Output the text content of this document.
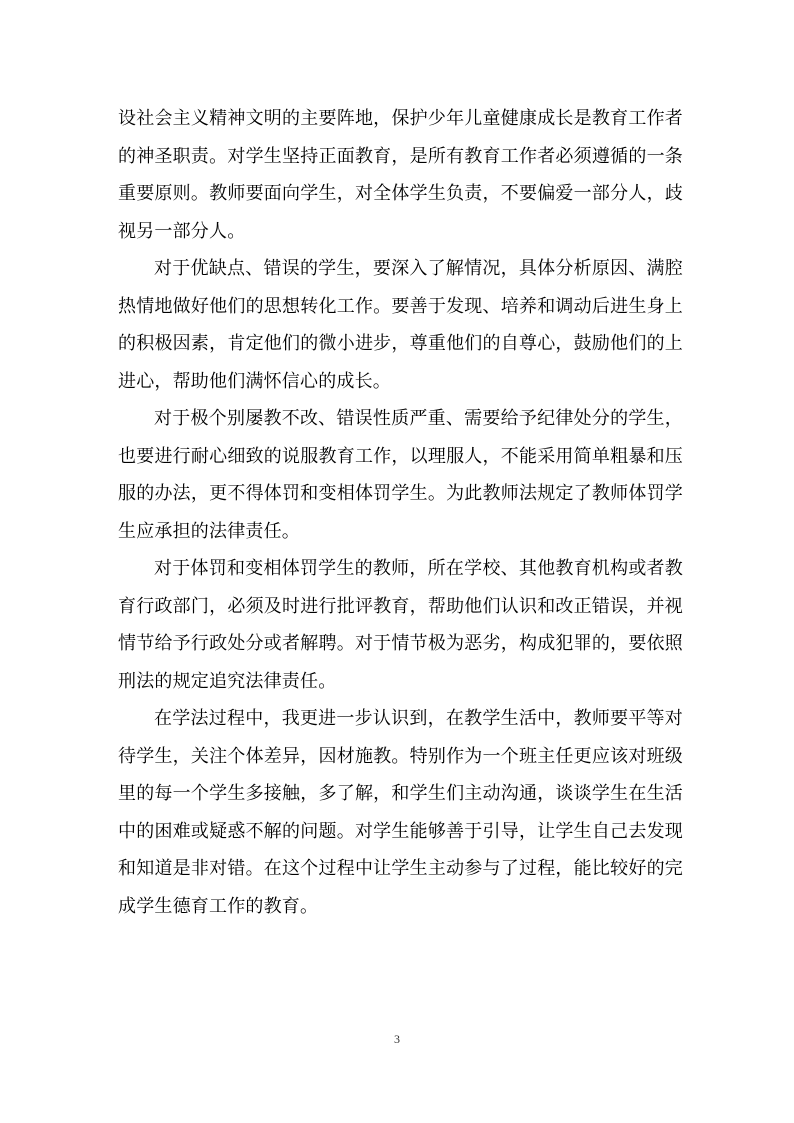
设社会主义精神文明的主要阵地，保护少年儿童健康成长是教育工作者的神圣职责。对学生坚持正面教育，是所有教育工作者必须遵循的一条重要原则。教师要面向学生，对全体学生负责，不要偏爱一部分人，歧视另一部分人。

对于优缺点、错误的学生，要深入了解情况，具体分析原因、满腔热情地做好他们的思想转化工作。要善于发现、培养和调动后进生身上的积极因素，肯定他们的微小进步，尊重他们的自尊心，鼓励他们的上进心，帮助他们满怀信心的成长。

对于极个别屡教不改、错误性质严重、需要给予纪律处分的学生，也要进行耐心细致的说服教育工作，以理服人，不能采用简单粗暴和压服的办法，更不得体罚和变相体罚学生。为此教师法规定了教师体罚学生应承担的法律责任。

对于体罚和变相体罚学生的教师，所在学校、其他教育机构或者教育行政部门，必须及时进行批评教育，帮助他们认识和改正错误，并视情节给予行政处分或者解聘。对于情节极为恶劣，构成犯罪的，要依照刑法的规定追究法律责任。

在学法过程中，我更进一步认识到，在教学生活中，教师要平等对待学生，关注个体差异，因材施教。特别作为一个班主任更应该对班级里的每一个学生多接触，多了解，和学生们主动沟通，谈谈学生在生活中的困难或疑惑不解的问题。对学生能够善于引导，让学生自己去发现和知道是非对错。在这个过程中让学生主动参与了过程，能比较好的完成学生德育工作的教育。

3
